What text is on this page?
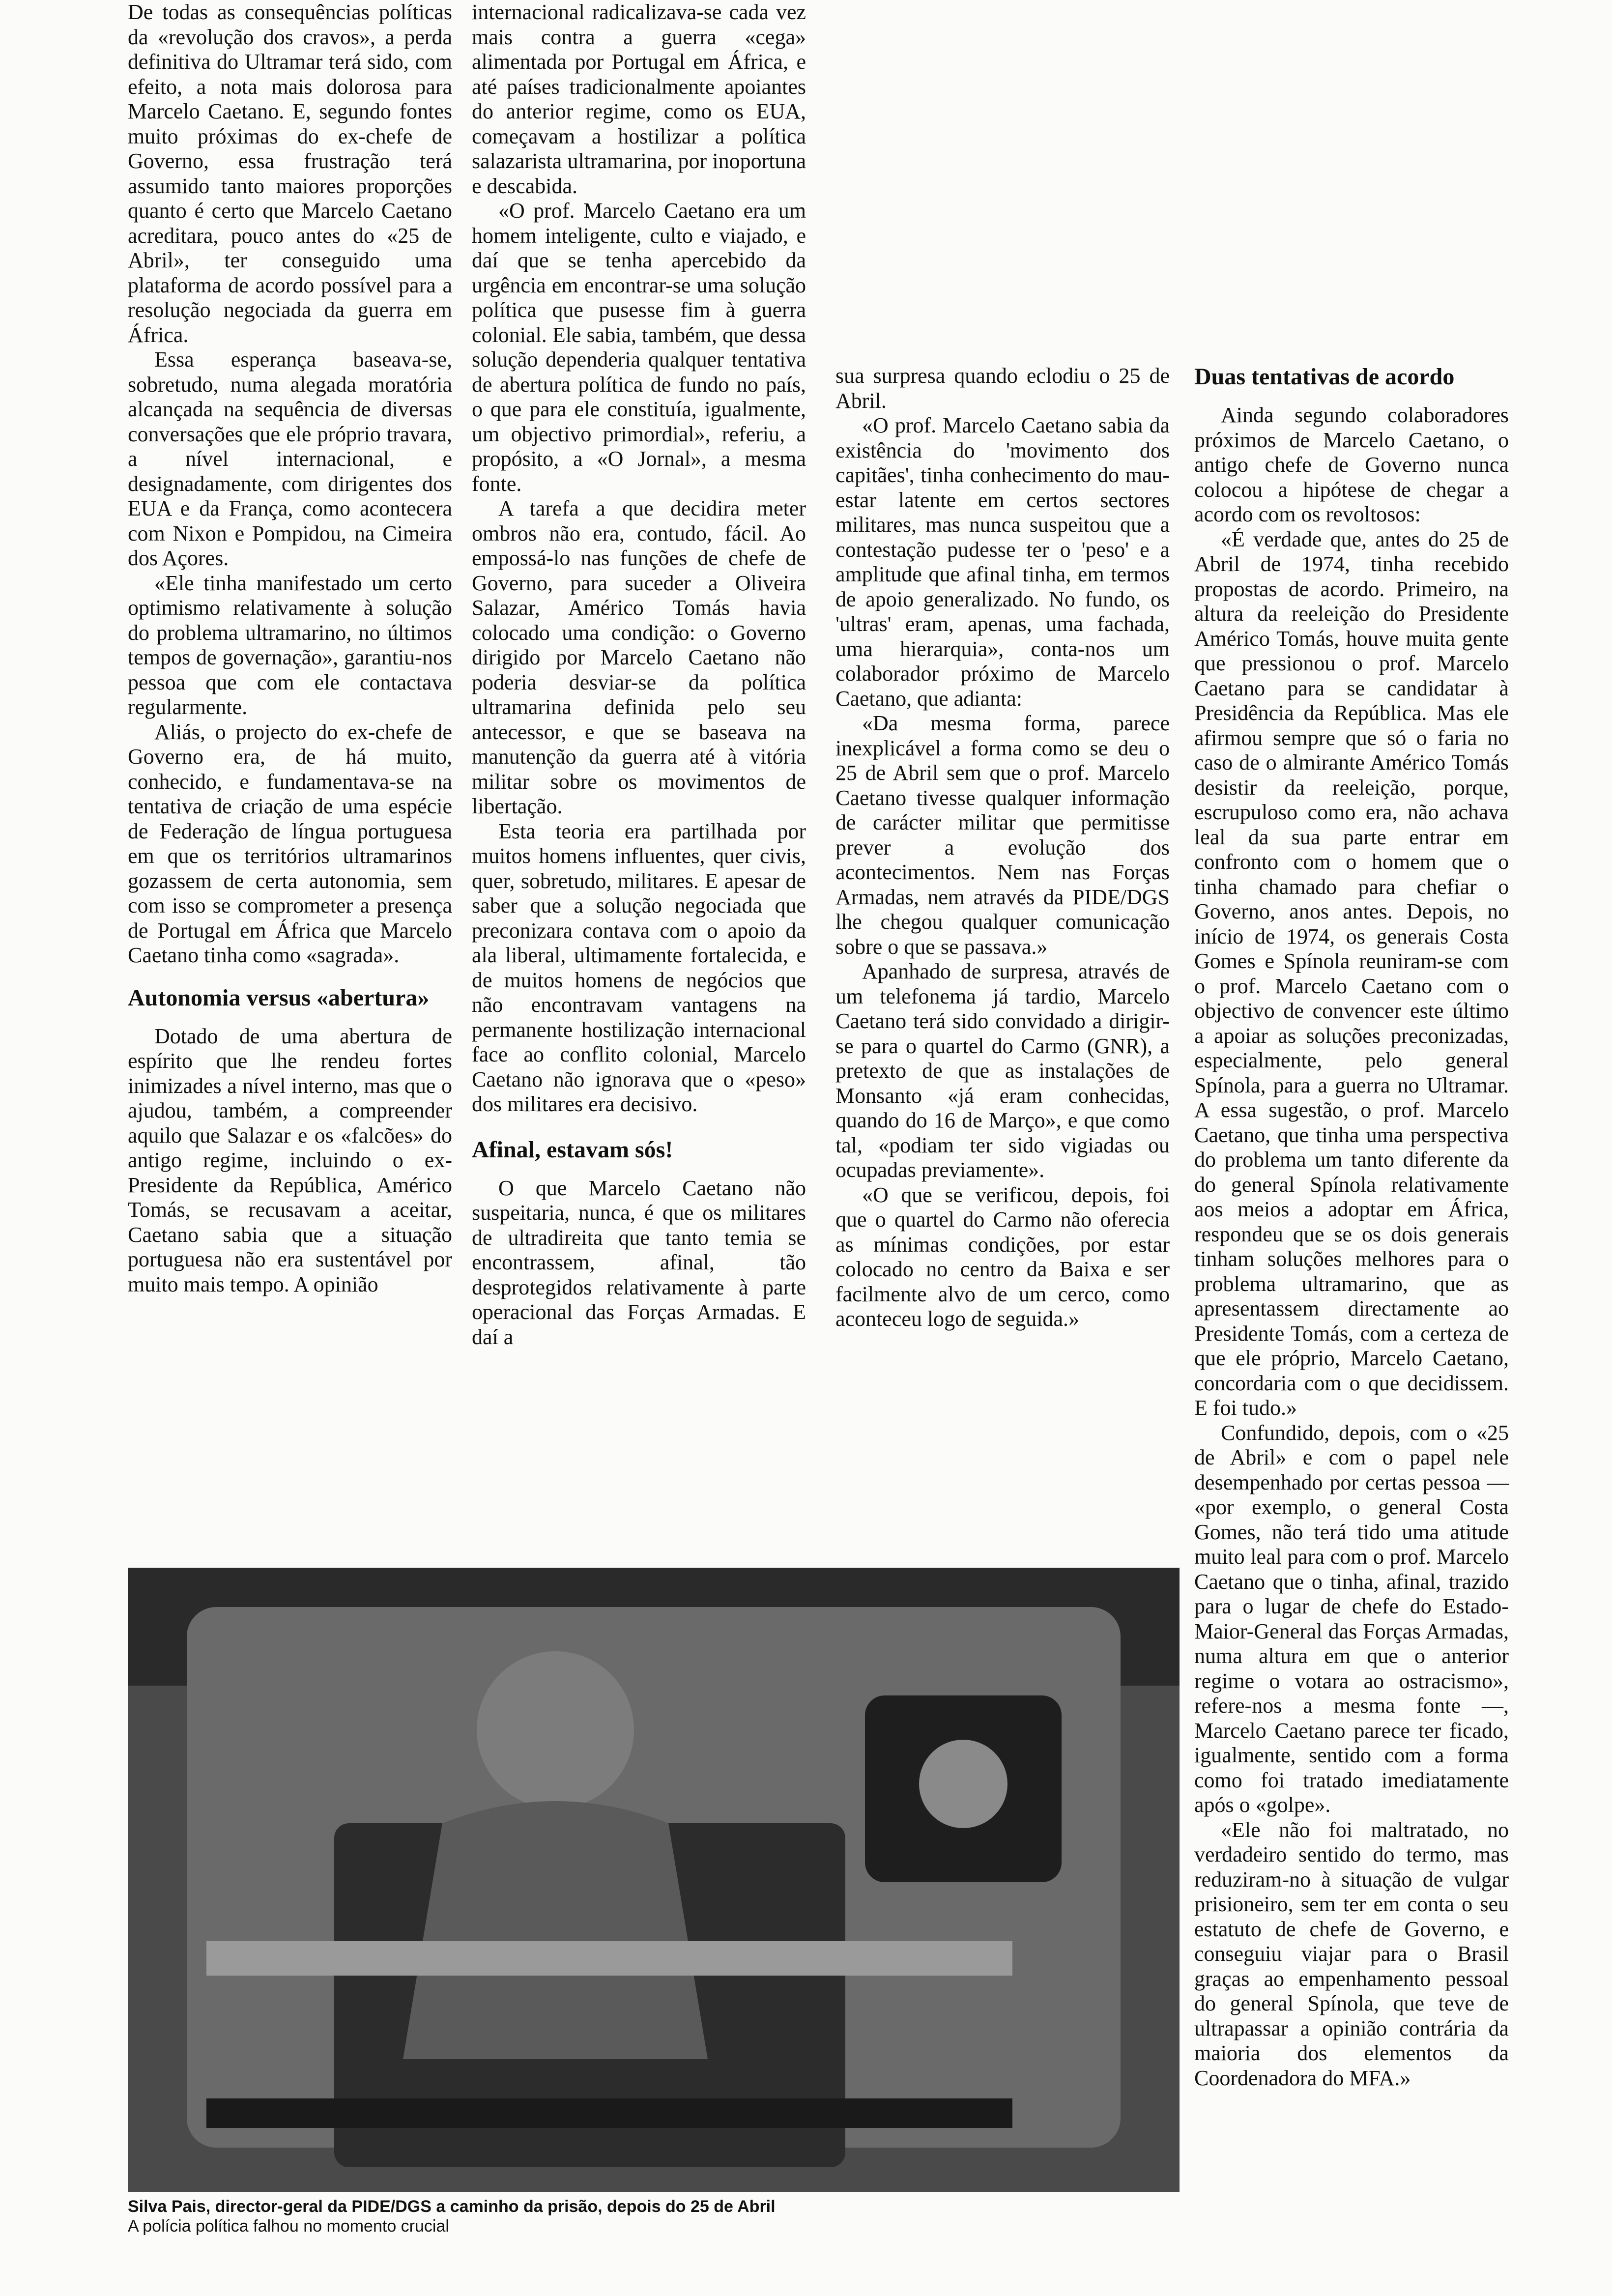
De todas as consequências políticas da «revolução dos cravos», a perda definitiva do Ultramar terá sido, com efeito, a nota mais dolorosa para Marcelo Caetano. E, segundo fontes muito próximas do ex-chefe de Governo, essa frustração terá assumido tanto maiores proporções quanto é certo que Marcelo Caetano acreditara, pouco antes do «25 de Abril», ter conseguido uma plataforma de acordo possível para a resolução negociada da guerra em África.

Essa esperança baseava-se, sobretudo, numa alegada moratória alcançada na sequência de diversas conversações que ele próprio travara, a nível internacional, e designadamente, com dirigentes dos EUA e da França, como acontecera com Nixon e Pompidou, na Cimeira dos Açores.

«Ele tinha manifestado um certo optimismo relativamente à solução do problema ultramarino, no últimos tempos de governação», garantiu-nos pessoa que com ele contactava regularmente.

Aliás, o projecto do ex-chefe de Governo era, de há muito, conhecido, e fundamentava-se na tentativa de criação de uma espécie de Federação de língua portuguesa em que os territórios ultramarinos gozassem de certa autonomia, sem com isso se comprometer a presença de Portugal em África que Marcelo Caetano tinha como «sagrada».

Autonomia versus «abertura»

Dotado de uma abertura de espírito que lhe rendeu fortes inimizades a nível interno, mas que o ajudou, também, a compreender aquilo que Salazar e os «falcões» do antigo regime, incluindo o ex-Presidente da República, Américo Tomás, se recusavam a aceitar, Caetano sabia que a situação portuguesa não era sustentável por muito mais tempo. A opinião

internacional radicalizava-se cada vez mais contra a guerra «cega» alimentada por Portugal em África, e até países tradicionalmente apoiantes do anterior regime, como os EUA, começavam a hostilizar a política salazarista ultramarina, por inoportuna e descabida.

«O prof. Marcelo Caetano era um homem inteligente, culto e viajado, e daí que se tenha apercebido da urgência em encontrar-se uma solução política que pusesse fim à guerra colonial. Ele sabia, também, que dessa solução dependeria qualquer tentativa de abertura política de fundo no país, o que para ele constituía, igualmente, um objectivo primordial», referiu, a propósito, a «O Jornal», a mesma fonte.

A tarefa a que decidira meter ombros não era, contudo, fácil. Ao empossá-lo nas funções de chefe de Governo, para suceder a Oliveira Salazar, Américo Tomás havia colocado uma condição: o Governo dirigido por Marcelo Caetano não poderia desviar-se da política ultramarina definida pelo seu antecessor, e que se baseava na manutenção da guerra até à vitória militar sobre os movimentos de libertação.

Esta teoria era partilhada por muitos homens influentes, quer civis, quer, sobretudo, militares. E apesar de saber que a solução negociada que preconizara contava com o apoio da ala liberal, ultimamente fortalecida, e de muitos homens de negócios que não encontravam vantagens na permanente hostilização internacional face ao conflito colonial, Marcelo Caetano não ignorava que o «peso» dos militares era decisivo.

Afinal, estavam sós!

O que Marcelo Caetano não suspeitaria, nunca, é que os militares de ultradireita que tanto temia se encontrassem, afinal, tão desprotegidos relativamente à parte operacional das Forças Armadas. E daí a

sua surpresa quando eclodiu o 25 de Abril.

«O prof. Marcelo Caetano sabia da existência do 'movimento dos capitães', tinha conhecimento do mau-estar latente em certos sectores militares, mas nunca suspeitou que a contestação pudesse ter o 'peso' e a amplitude que afinal tinha, em termos de apoio generalizado. No fundo, os 'ultras' eram, apenas, uma fachada, uma hierarquia», conta-nos um colaborador próximo de Marcelo Caetano, que adianta:

«Da mesma forma, parece inexplicável a forma como se deu o 25 de Abril sem que o prof. Marcelo Caetano tivesse qualquer informação de carácter militar que permitisse prever a evolução dos acontecimentos. Nem nas Forças Armadas, nem através da PIDE/DGS lhe chegou qualquer comunicação sobre o que se passava.»

Apanhado de surpresa, através de um telefonema já tardio, Marcelo Caetano terá sido convidado a dirigir-se para o quartel do Carmo (GNR), a pretexto de que as instalações de Monsanto «já eram conhecidas, quando do 16 de Março», e que como tal, «podiam ter sido vigiadas ou ocupadas previamente».

«O que se verificou, depois, foi que o quartel do Carmo não oferecia as mínimas condições, por estar colocado no centro da Baixa e ser facilmente alvo de um cerco, como aconteceu logo de seguida.»

Duas tentativas de acordo

Ainda segundo colaboradores próximos de Marcelo Caetano, o antigo chefe de Governo nunca colocou a hipótese de chegar a acordo com os revoltosos:

«É verdade que, antes do 25 de Abril de 1974, tinha recebido propostas de acordo. Primeiro, na altura da reeleição do Presidente Américo Tomás, houve muita gente que pressionou o prof. Marcelo Caetano para se candidatar à Presidência da República. Mas ele afirmou sempre que só o faria no caso de o almirante Américo Tomás desistir da reeleição, porque, escrupuloso como era, não achava leal da sua parte entrar em confronto com o homem que o tinha chamado para chefiar o Governo, anos antes. Depois, no início de 1974, os generais Costa Gomes e Spínola reuniram-se com o prof. Marcelo Caetano com o objectivo de convencer este último a apoiar as soluções preconizadas, especialmente, pelo general Spínola, para a guerra no Ultramar. A essa sugestão, o prof. Marcelo Caetano, que tinha uma perspectiva do problema um tanto diferente da do general Spínola relativamente aos meios a adoptar em África, respondeu que se os dois generais tinham soluções melhores para o problema ultramarino, que as apresentassem directamente ao Presidente Tomás, com a certeza de que ele próprio, Marcelo Caetano, concordaria com o que decidissem. E foi tudo.»

Confundido, depois, com o «25 de Abril» e com o papel nele desempenhado por certas pessoa — «por exemplo, o general Costa Gomes, não terá tido uma atitude muito leal para com o prof. Marcelo Caetano que o tinha, afinal, trazido para o lugar de chefe do Estado-Maior-General das Forças Armadas, numa altura em que o anterior regime o votara ao ostracismo», refere-nos a mesma fonte —, Marcelo Caetano parece ter ficado, igualmente, sentido com a forma como foi tratado imediatamente após o «golpe».

«Ele não foi maltratado, no verdadeiro sentido do termo, mas reduziram-no à situação de vulgar prisioneiro, sem ter em conta o seu estatuto de chefe de Governo, e conseguiu viajar para o Brasil graças ao empenhamento pessoal do general Spínola, que teve de ultrapassar a opinião contrária da maioria dos elementos da Coordenadora do MFA.»

Silva Pais, director-geral da PIDE/DGS a caminho da prisão, depois do 25 de Abril
A polícia política falhou no momento crucial
